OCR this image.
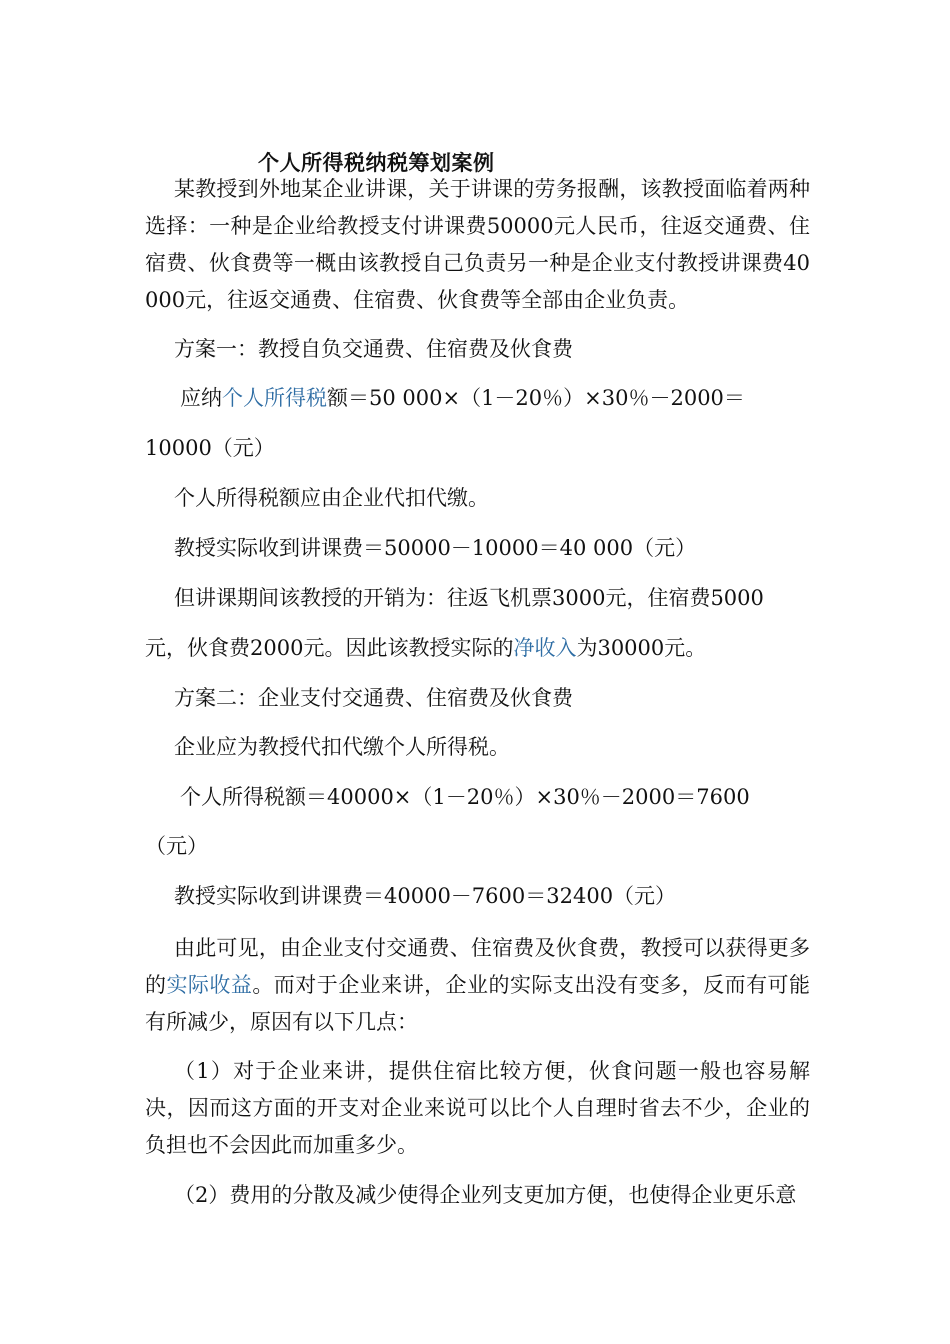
个人所得税纳税筹划案例

某教授到外地某企业讲课，关于讲课的劳务报酬，该教授面临着两种选择：一种是企业给教授支付讲课费50000元人民币，往返交通费、住宿费、伙食费等一概由该教授自己负责另一种是企业支付教授讲课费40 000元，往返交通费、住宿费、伙食费等全部由企业负责。

方案一：教授自负交通费、住宿费及伙食费
应纳个人所得税额＝50 000×（1－20％）×30％－2000＝
10000（元）
个人所得税额应由企业代扣代缴。
教授实际收到讲课费＝50000－10000＝40 000（元）
但讲课期间该教授的开销为：往返飞机票3000元，住宿费5000
元，伙食费2000元。因此该教授实际的净收入为30000元。
方案二：企业支付交通费、住宿费及伙食费
企业应为教授代扣代缴个人所得税。
个人所得税额＝40000×（1－20％）×30％－2000＝7600
（元）
教授实际收到讲课费＝40000－7600＝32400（元）

由此可见，由企业支付交通费、住宿费及伙食费，教授可以获得更多的实际收益。而对于企业来讲，企业的实际支出没有变多，反而有可能有所减少，原因有以下几点：

（1）对于企业来讲，提供住宿比较方便，伙食问题一般也容易解决，因而这方面的开支对企业来说可以比个人自理时省去不少，企业的负担也不会因此而加重多少。

（2）费用的分散及减少使得企业列支更加方便，也使得企业更乐意
